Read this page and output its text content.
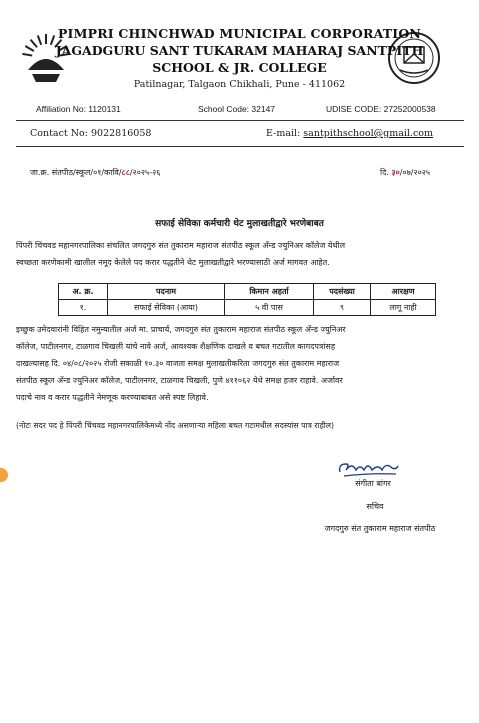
PIMPRI CHINCHWAD MUNICIPAL CORPORATION
JAGADGURU SANT TUKARAM MAHARAJ SANTPITH
SCHOOL & JR. COLLEGE
Patilnagar, Talgaon Chikhali, Pune - 411062
Affiliation No: 1120131	School Code: 32147	UDISE CODE: 27252000538
Contact No: 9022816058	E-mail: santpithschool@gmail.com
जा.क्र. संतपीठ/स्कूल/०१/कावि/८८/२०२५-२६	दि. ३०/०७/२०२५
सफाई सेविका कर्मचारी थेट मुलाखतीद्वारे भरणेबाबत
पिंपरी चिंचवड महानगरपालिका संचलित जगदगुरु संत तुकाराम महाराज संतपीठ स्कूल अँन्ड ज्युनिअर कॉलेज येथील
स्वच्छता करणेकामी खालील नमूद केलेले पद करार पद्धतीने थेट मुलाखतीद्वारे भरण्यासाठी अर्ज मागवत आहेत.
अ. क्र.	पदनाम	किमान अहर्ता	पदसंख्या	आरक्षण
१.	सफाई सेविका (आया)	५ वी पास	९	लागू नाही
इच्छुक उमेदवारांनी विहित नमुन्यातील अर्ज मा. प्राचार्य, जगदगुरु संत तुकाराम महाराज संतपीठ स्कूल अँन्ड ज्युनिअर
कॉलेज, पाटीलनगर, टाळगाव चिखली यांचे नावे अर्ज, आवश्यक शैक्षणिक दाखले व बचत गटातील कागदपत्रांसह
दाखल्यासह दि. ०४/०८/२०२५ रोजी सकाळी १०.३० वाजता समक्ष मुलाखतीकरिता जगदगुरु संत तुकाराम महाराज
संतपीठ स्कूल अँन्ड ज्युनिअर कॉलेज, पाटीलनगर, टाळगाव चिखली, पुणे ४११०६२ येथे समक्ष हजर राहावे. अर्जावर
पदाचे नाव व करार पद्धतीने नेमणूक करण्याबाबत असे स्पष्ट लिहावे.
(नोटः सदर पद हे पिंपरी चिंचवड महानगरपालिकेमध्ये नोंद असणाऱ्या महिला बचत गटामधील सदस्यांस पात्र राहील)
संगीता बांगर
सचिव
जगदगुरु संत तुकाराम महाराज संतपीठ
